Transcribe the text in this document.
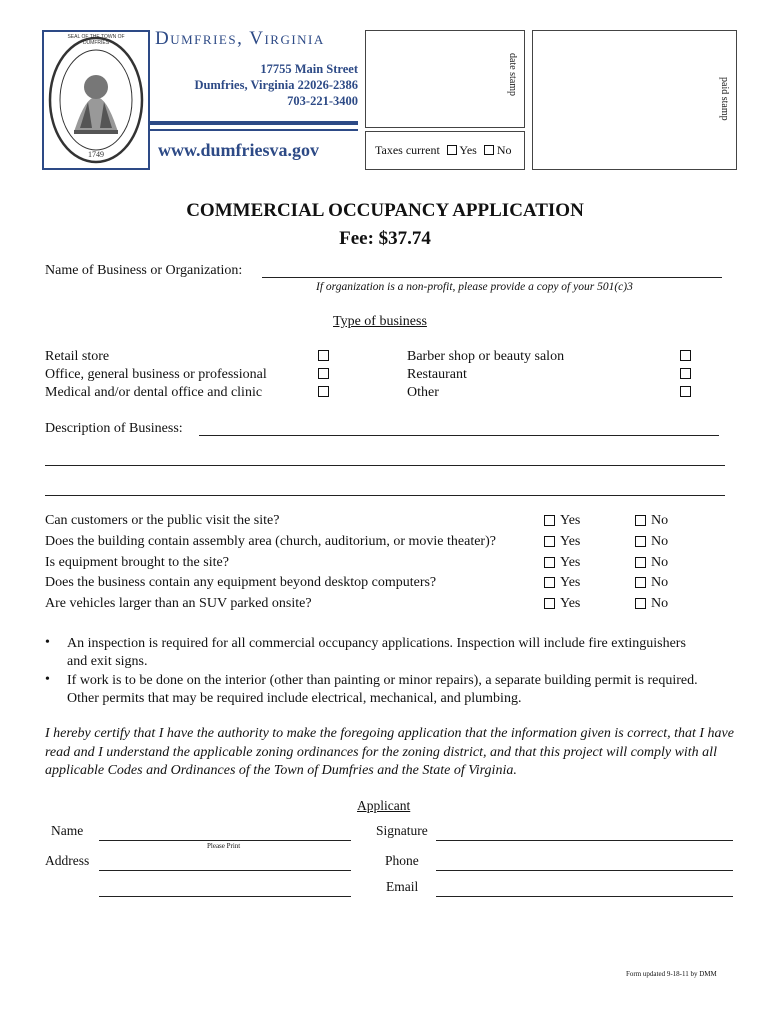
SEAL OF THE TOWN OF DUMFRIES
1749
Dumfries, Virginia
17755 Main Street
Dumfries, Virginia 22026-2386
703-221-3400
www.dumfriesva.gov
date stamp
paid stamp
Taxes current Yes No
COMMERCIAL OCCUPANCY APPLICATION
Fee: $37.74
Name of Business or Organization:
If organization is a non-profit, please provide a copy of your 501(c)3
Type of business
Retail store
Office, general business or professional
Medical and/or dental office and clinic
Barber shop or beauty salon
Restaurant
Other
Description of Business:
Can customers or the public visit the site?
Does the building contain assembly area (church, auditorium, or movie theater)?
Is equipment brought to the site?
Does the business contain any equipment beyond desktop computers?
Are vehicles larger than an SUV parked onsite?
Yes
Yes
Yes
Yes
Yes
No
No
No
No
No
• An inspection is required for all commercial occupancy applications. Inspection will include fire extinguishers and exit signs.
• If work is to be done on the interior (other than painting or minor repairs), a separate building permit is required. Other permits that may be required include electrical, mechanical, and plumbing.
I hereby certify that I have the authority to make the foregoing application that the information given is correct, that I have read and I understand the applicable zoning ordinances for the zoning district, and that this project will comply with all applicable Codes and Ordinances of the Town of Dumfries and the State of Virginia.
Applicant
Name
Please Print
Address
Signature
Phone
Email
Form updated 9-18-11 by DMM
